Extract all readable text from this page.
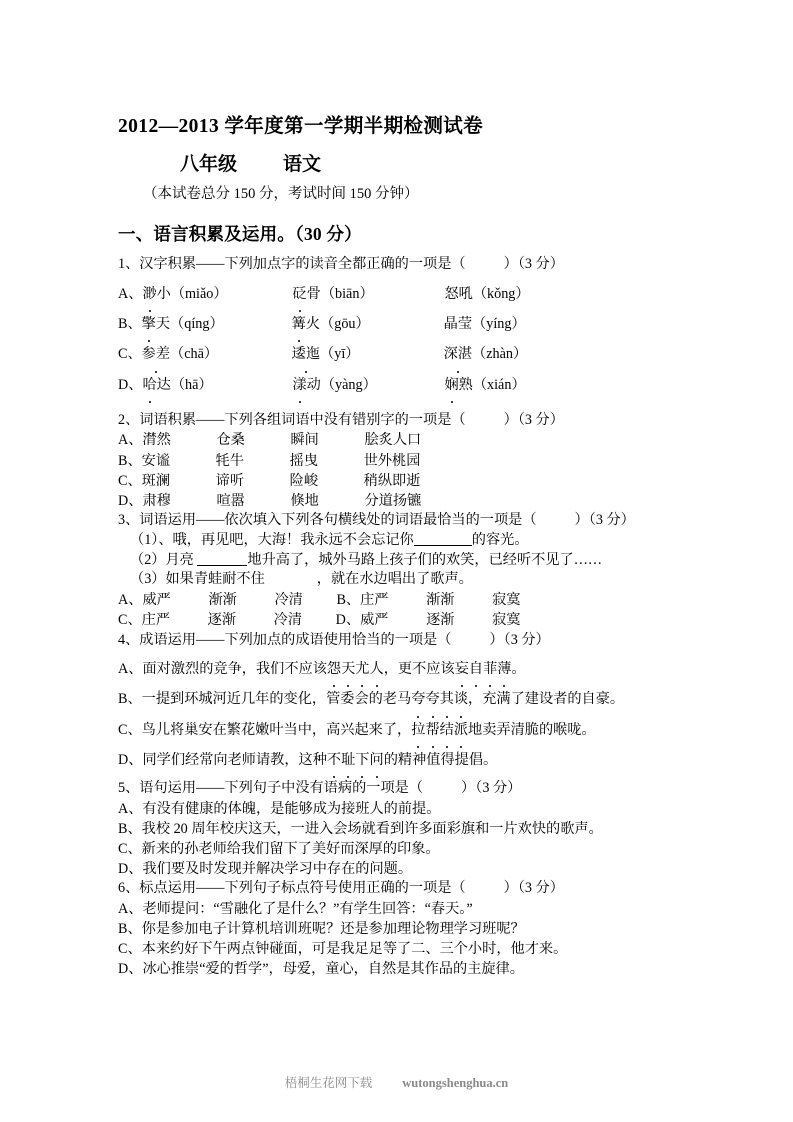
2012—2013 学年度第一学期半期检测试卷
八年级 语文
（本试卷总分 150 分，考试时间 150 分钟）
一、语言积累及运用。（30 分）
1、汉字积累——下列加点字的读音全都正确的一项是（	）（3 分）
A、渺小（miǎo）	砭骨（biān）	怒吼（kǒng）
B、擎天（qíng）	篝火（gōu）	晶莹（yíng）
C、参差（chā）	逶迤（yī）	深湛（zhàn）
D、哈达（hā）	漾动（yàng）	娴熟（xián）
2、词语积累——下列各组词语中没有错别字的一项是（	）（3 分）
A、潸然	仓桑	瞬间	脍炙人口
B、安谧	牦牛	摇曳	世外桃园
C、斑澜	谛听	险峻	稍纵即逝
D、肃穆	喧嚣	倏地	分道扬镳
3、词语运用——依次填入下列各句横线处的词语最恰当的一项是（	）（3 分）
（1）、哦，再见吧，大海！我永远不会忘记你	的容光。
（2）月亮	地升高了，城外马路上孩子们的欢笑，已经听不见了……
（3）如果青蛙耐不住	，就在水边唱出了歌声。
A、威严	渐渐	冷清 B、庄严	渐渐	寂寞
C、庄严	逐渐	冷清 D、威严	逐渐	寂寞
4、成语运用——下列加点的成语使用恰当的一项是（	）（3 分）
A、面对激烈的竞争，我们不应该怨天尤人，更不应该妄自菲薄。
B、一提到环城河近几年的变化，管委会的老马夸夸其谈，充满了建设者的自豪。
C、鸟儿将巢安在繁花嫩叶当中，高兴起来了，拉帮结派地卖弄清脆的喉咙。
D、同学们经常向老师请教，这种不耻下问的精神值得提倡。
5、语句运用——下列句子中没有语病的一项是（	）（3 分）
A、有没有健康的体魄，是能够成为接班人的前提。
B、我校 20 周年校庆这天，一进入会场就看到许多面彩旗和一片欢快的歌声。
C、新来的孙老师给我们留下了美好而深厚的印象。
D、我们要及时发现并解决学习中存在的问题。
6、标点运用——下列句子标点符号使用正确的一项是（	）（3 分）
A、老师提问：“雪融化了是什么？”有学生回答：“春天。”
B、你是参加电子计算机培训班呢？还是参加理论物理学习班呢？
C、本来约好下午两点钟碰面，可是我足足等了二、三个小时，他才来。
D、冰心推崇“爱的哲学”，母爱，童心，自然是其作品的主旋律。
梧桐生花网下载 wutongshenghua.cn
